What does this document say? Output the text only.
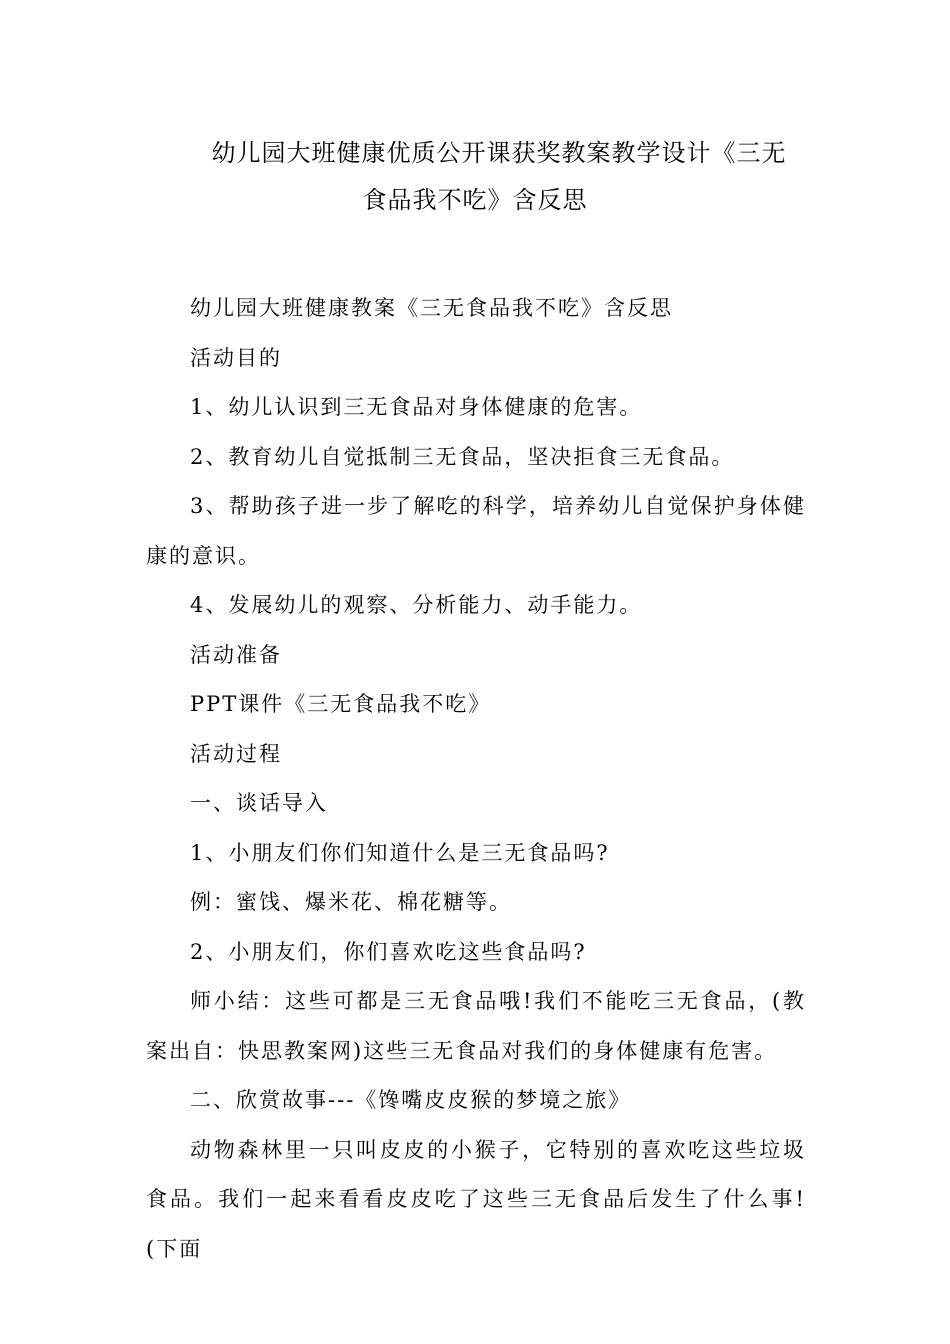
幼儿园大班健康优质公开课获奖教案教学设计《三无
食品我不吃》含反思

幼儿园大班健康教案《三无食品我不吃》含反思

活动目的

1、幼儿认识到三无食品对身体健康的危害。

2、教育幼儿自觉抵制三无食品，坚决拒食三无食品。

3、帮助孩子进一步了解吃的科学，培养幼儿自觉保护身体健康的意识。

4、发展幼儿的观察、分析能力、动手能力。

活动准备

PPT课件《三无食品我不吃》

活动过程

一、谈话导入

1、小朋友们你们知道什么是三无食品吗?

例：蜜饯、爆米花、棉花糖等。

2、小朋友们，你们喜欢吃这些食品吗?

师小结：这些可都是三无食品哦!我们不能吃三无食品，(教案出自：快思教案网)这些三无食品对我们的身体健康有危害。

二、欣赏故事---《馋嘴皮皮猴的梦境之旅》

动物森林里一只叫皮皮的小猴子，它特别的喜欢吃这些垃圾食品。我们一起来看看皮皮吃了这些三无食品后发生了什么事!(下面
